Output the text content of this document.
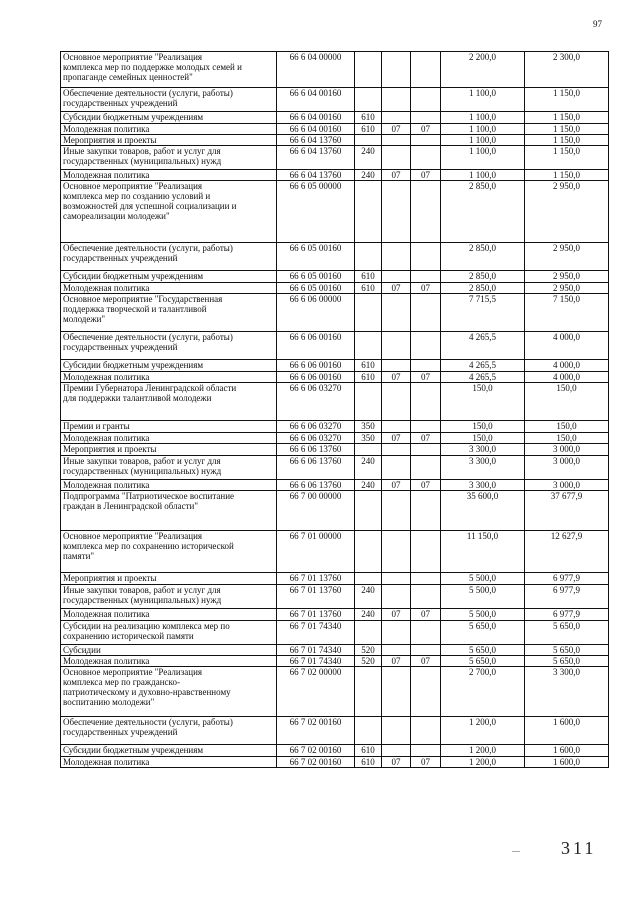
97
Основное мероприятие "Реализация
комплекса мер по поддержке молодых семей и
пропаганде семейных ценностей"	66 6 04 00000				2 200,0	2 300,0
Обеспечение деятельности (услуги, работы)
государственных учреждений	66 6 04 00160				1 100,0	1 150,0
Субсидии бюджетным учреждениям	66 6 04 00160	610			1 100,0	1 150,0
Молодежная политика	66 6 04 00160	610	07	07	1 100,0	1 150,0
Мероприятия и проекты	66 6 04 13760				1 100,0	1 150,0
Иные закупки товаров, работ и услуг для
государственных (муниципальных) нужд	66 6 04 13760	240			1 100,0	1 150,0
Молодежная политика	66 6 04 13760	240	07	07	1 100,0	1 150,0
Основное мероприятие "Реализация
комплекса мер по созданию условий и
возможностей для успешной социализации и
самореализации молодежи"	66 6 05 00000				2 850,0	2 950,0
Обеспечение деятельности (услуги, работы)
государственных учреждений	66 6 05 00160				2 850,0	2 950,0
Субсидии бюджетным учреждениям	66 6 05 00160	610			2 850,0	2 950,0
Молодежная политика	66 6 05 00160	610	07	07	2 850,0	2 950,0
Основное мероприятие "Государственная
поддержка творческой и талантливой
молодежи"	66 6 06 00000				7 715,5	7 150,0
Обеспечение деятельности (услуги, работы)
государственных учреждений	66 6 06 00160				4 265,5	4 000,0
Субсидии бюджетным учреждениям	66 6 06 00160	610			4 265,5	4 000,0
Молодежная политика	66 6 06 00160	610	07	07	4 265,5	4 000,0
Премии Губернатора Ленинградской области
для поддержки талантливой молодежи	66 6 06 03270				150,0	150,0
Премии и гранты	66 6 06 03270	350			150,0	150,0
Молодежная политика	66 6 06 03270	350	07	07	150,0	150,0
Мероприятия и проекты	66 6 06 13760				3 300,0	3 000,0
Иные закупки товаров, работ и услуг для
государственных (муниципальных) нужд	66 6 06 13760	240			3 300,0	3 000,0
Молодежная политика	66 6 06 13760	240	07	07	3 300,0	3 000,0
Подпрограмма "Патриотическое воспитание
граждан в Ленинградской области"	66 7 00 00000				35 600,0	37 677,9
Основное мероприятие "Реализация
комплекса мер по сохранению исторической
памяти"	66 7 01 00000				11 150,0	12 627,9
Мероприятия и проекты	66 7 01 13760				5 500,0	6 977,9
Иные закупки товаров, работ и услуг для
государственных (муниципальных) нужд	66 7 01 13760	240			5 500,0	6 977,9
Молодежная политика	66 7 01 13760	240	07	07	5 500,0	6 977,9
Субсидии на реализацию комплекса мер по
сохранению исторической памяти	66 7 01 74340				5 650,0	5 650,0
Субсидии	66 7 01 74340	520			5 650,0	5 650,0
Молодежная политика	66 7 01 74340	520	07	07	5 650,0	5 650,0
Основное мероприятие "Реализация
комплекса мер по гражданско-
патриотическому и духовно-нравственному
воспитанию молодежи"	66 7 02 00000				2 700,0	3 300,0
Обеспечение деятельности (услуги, работы)
государственных учреждений	66 7 02 00160				1 200,0	1 600,0
Субсидии бюджетным учреждениям	66 7 02 00160	610			1 200,0	1 600,0
Молодежная политика	66 7 02 00160	610	07	07	1 200,0	1 600,0
— 311
